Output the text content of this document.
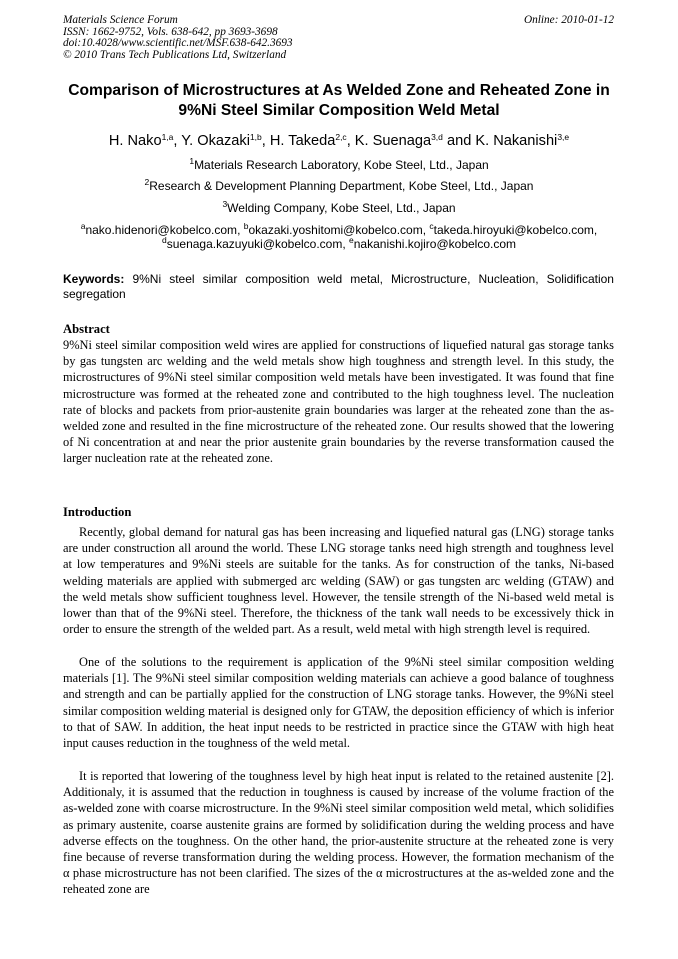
Materials Science Forum
ISSN: 1662-9752, Vols. 638-642, pp 3693-3698
doi:10.4028/www.scientific.net/MSF.638-642.3693
© 2010 Trans Tech Publications Ltd, Switzerland
Online: 2010-01-12
Comparison of Microstructures at As Welded Zone and Reheated Zone in 9%Ni Steel Similar Composition Weld Metal
H. Nako$^{1,a}$, Y. Okazaki$^{1,b}$, H. Takeda$^{2,c}$, K. Suenaga$^{3,d}$ and K. Nakanishi$^{3,e}$
$^1$Materials Research Laboratory, Kobe Steel, Ltd., Japan
$^2$Research & Development Planning Department, Kobe Steel, Ltd., Japan
$^3$Welding Company, Kobe Steel, Ltd., Japan
$^a$nako.hidenori@kobelco.com, $^b$okazaki.yoshitomi@kobelco.com, $^c$takeda.hiroyuki@kobelco.com,
$^d$suenaga.kazuyuki@kobelco.com, $^e$nakanishi.kojiro@kobelco.com
Keywords: 9%Ni steel similar composition weld metal, Microstructure, Nucleation, Solidification segregation
Abstract
9%Ni steel similar composition weld wires are applied for constructions of liquefied natural gas storage tanks by gas tungsten arc welding and the weld metals show high toughness and strength level. In this study, the microstructures of 9%Ni steel similar composition weld metals have been investigated. It was found that fine microstructure was formed at the reheated zone and contributed to the high toughness level. The nucleation rate of blocks and packets from prior-austenite grain boundaries was larger at the reheated zone than the as-welded zone and resulted in the fine microstructure of the reheated zone. Our results showed that the lowering of Ni concentration at and near the prior austenite grain boundaries by the reverse transformation caused the larger nucleation rate at the reheated zone.
Introduction
Recently, global demand for natural gas has been increasing and liquefied natural gas (LNG) storage tanks are under construction all around the world. These LNG storage tanks need high strength and toughness level at low temperatures and 9%Ni steels are suitable for the tanks. As for construction of the tanks, Ni-based welding materials are applied with submerged arc welding (SAW) or gas tungsten arc welding (GTAW) and the weld metals show sufficient toughness level. However, the tensile strength of the Ni-based weld metal is lower than that of the 9%Ni steel. Therefore, the thickness of the tank wall needs to be excessively thick in order to ensure the strength of the welded part. As a result, weld metal with high strength level is required.
One of the solutions to the requirement is application of the 9%Ni steel similar composition welding materials [1]. The 9%Ni steel similar composition welding materials can achieve a good balance of toughness and strength and can be partially applied for the construction of LNG storage tanks. However, the 9%Ni steel similar composition welding material is designed only for GTAW, the deposition efficiency of which is inferior to that of SAW. In addition, the heat input needs to be restricted in practice since the GTAW with high heat input causes reduction in the toughness of the weld metal.
It is reported that lowering of the toughness level by high heat input is related to the retained austenite [2]. Additionaly, it is assumed that the reduction in toughness is caused by increase of the volume fraction of the as-welded zone with coarse microstructure. In the 9%Ni steel similar composition weld metal, which solidifies as primary austenite, coarse austenite grains are formed by solidification during the welding process and have adverse effects on the toughness. On the other hand, the prior-austenite structure at the reheated zone is very fine because of reverse transformation during the welding process. However, the formation mechanism of the α phase microstructure has not been clarified. The sizes of the α microstructures at the as-welded zone and the reheated zone are
